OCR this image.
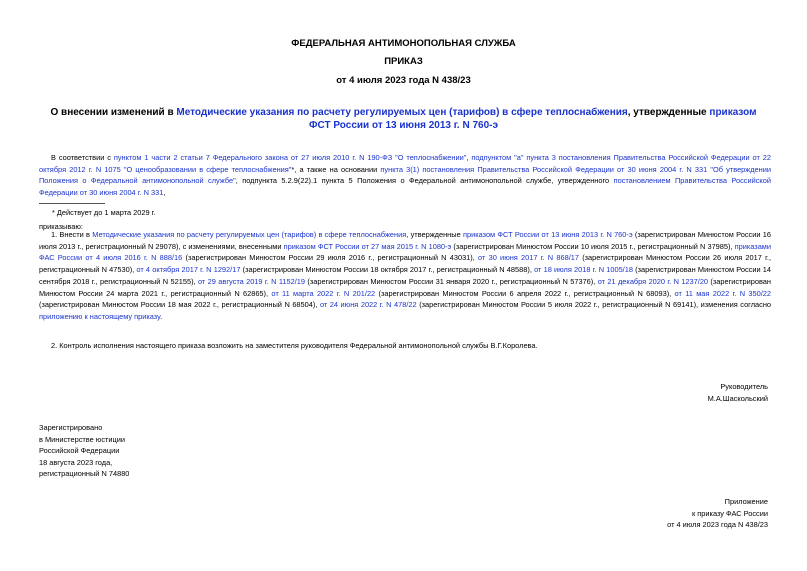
ФЕДЕРАЛЬНАЯ АНТИМОНОПОЛЬНАЯ СЛУЖБА

ПРИКАЗ

от 4 июля 2023 года N 438/23

О внесении изменений в Методические указания по расчету регулируемых цен (тарифов) в сфере теплоснабжения, утвержденные приказом ФСТ России от 13 июня 2013 г. N 760-э

В соответствии с пунктом 1 части 2 статьи 7 Федерального закона от 27 июля 2010 г. N 190-ФЗ "О теплоснабжении", подпунктом "а" пункта 3 постановления Правительства Российской Федерации от 22 октября 2012 г. N 1075 "О ценообразовании в сфере теплоснабжения"*, а также на основании пункта 3(1) постановления Правительства Российской Федерации от 30 июня 2004 г. N 331 "Об утверждении Положения о Федеральной антимонопольной службе", подпункта 5.2.9(22).1 пункта 5 Положения о Федеральной антимонопольной службе, утвержденного постановлением Правительства Российской Федерации от 30 июня 2004 г. N 331,

* Действует до 1 марта 2029 г.

приказываю:

1. Внести в Методические указания по расчету регулируемых цен (тарифов) в сфере теплоснабжения, утвержденные приказом ФСТ России от 13 июня 2013 г. N 760-э (зарегистрирован Минюстом России 16 июля 2013 г., регистрационный N 29078), с изменениями, внесенными приказом ФСТ России от 27 мая 2015 г. N 1080-э (зарегистрирован Минюстом России 10 июля 2015 г., регистрационный N 37985), приказами ФАС России от 4 июля 2016 г. N 888/16 (зарегистрирован Минюстом России 29 июля 2016 г., регистрационный N 43031), от 30 июня 2017 г. N 868/17 (зарегистрирован Минюстом России 26 июля 2017 г., регистрационный N 47530), от 4 октября 2017 г. N 1292/17 (зарегистрирован Минюстом России 18 октября 2017 г., регистрационный N 48588), от 18 июля 2018 г. N 1005/18 (зарегистрирован Минюстом России 14 сентября 2018 г., регистрационный N 52155), от 29 августа 2019 г. N 1152/19 (зарегистрирован Минюстом России 31 января 2020 г., регистрационный N 57376), от 21 декабря 2020 г. N 1237/20 (зарегистрирован Минюстом России 24 марта 2021 г., регистрационный N 62865), от 11 марта 2022 г. N 201/22 (зарегистрирован Минюстом России 6 апреля 2022 г., регистрационный N 68093), от 11 мая 2022 г. N 350/22 (зарегистрирован Минюстом России 18 мая 2022 г., регистрационный N 68504), от 24 июня 2022 г. N 478/22 (зарегистрирован Минюстом России 5 июля 2022 г., регистрационный N 69141), изменения согласно приложению к настоящему приказу.

2. Контроль исполнения настоящего приказа возложить на заместителя руководителя Федеральной антимонопольной службы В.Г.Королева.

Руководитель
М.А.Шаскольский

Зарегистрировано
в Министерстве юстиции
Российской Федерации
18 августа 2023 года,
регистрационный N 74880

Приложение
к приказу ФАС России
от 4 июля 2023 года N 438/23
